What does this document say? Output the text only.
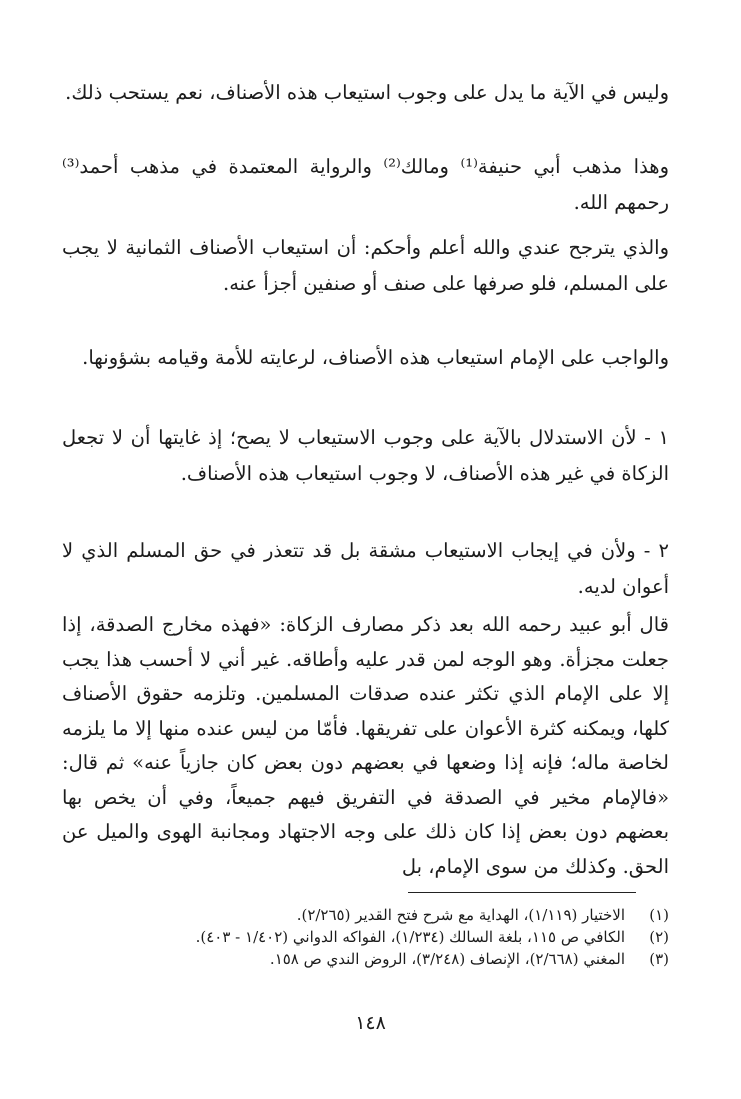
وليس في الآية ما يدل على وجوب استيعاب هذه الأصناف، نعم يستحب ذلك.
وهذا مذهب أبي حنيفة⁽¹⁾ ومالك⁽²⁾ والرواية المعتمدة في مذهب أحمد⁽³⁾ رحمهم الله.
والذي يترجح عندي والله أعلم وأحكم: أن استيعاب الأصناف الثمانية لا يجب على المسلم، فلو صرفها على صنف أو صنفين أجزأ عنه.
والواجب على الإمام استيعاب هذه الأصناف، لرعايته للأمة وقيامه بشؤونها.
١ - لأن الاستدلال بالآية على وجوب الاستيعاب لا يصح؛ إذ غايتها أن لا تجعل الزكاة في غير هذه الأصناف، لا وجوب استيعاب هذه الأصناف.
٢ - ولأن في إيجاب الاستيعاب مشقة بل قد تتعذر في حق المسلم الذي لا أعوان لديه.
قال أبو عبيد رحمه الله بعد ذكر مصارف الزكاة: «فهذه مخارج الصدقة، إذا جعلت مجزأة. وهو الوجه لمن قدر عليه وأطاقه. غير أني لا أحسب هذا يجب إلا على الإمام الذي تكثر عنده صدقات المسلمين. وتلزمه حقوق الأصناف كلها، ويمكنه كثرة الأعوان على تفريقها. فأمّا من ليس عنده منها إلا ما يلزمه لخاصة ماله؛ فإنه إذا وضعها في بعضهم دون بعض كان جازياً عنه» ثم قال: «فالإمام مخير في الصدقة في التفريق فيهم جميعاً، وفي أن يخص بها بعضهم دون بعض إذا كان ذلك على وجه الاجتهاد ومجانبة الهوى والميل عن الحق. وكذلك من سوى الإمام، بل
(١)
الاختيار (١/١١٩)، الهداية مع شرح فتح القدير (٢/٢٦٥).
(٢)
الكافي ص ١١٥، بلغة السالك (١/٢٣٤)، الفواكه الدواني (١/٤٠٢ - ٤٠٣).
(٣)
المغني (٢/٦٦٨)، الإنصاف (٣/٢٤٨)، الروض الندي ص ١٥٨.
١٤٨
